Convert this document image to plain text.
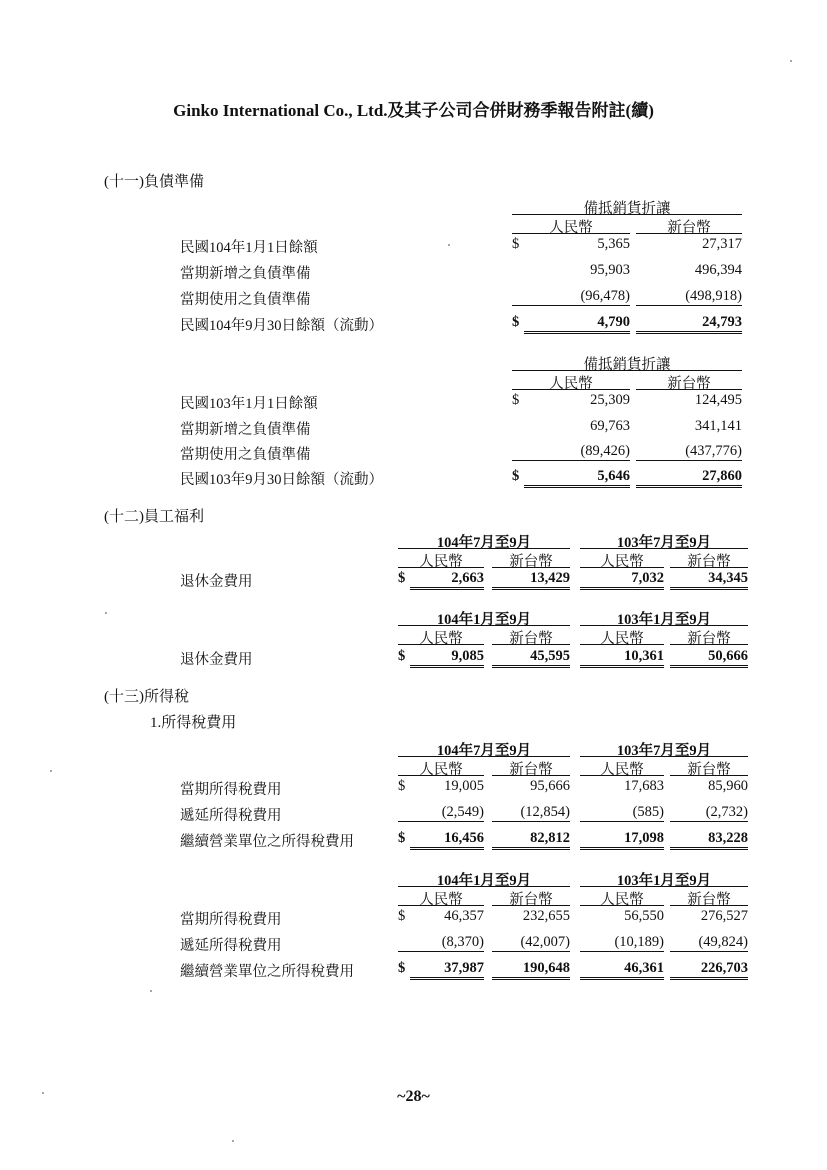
Ginko International Co., Ltd.及其子公司合併財務季報告附註(續)
(十一)負債準備
備抵銷貨折讓
人民幣	新台幣
民國104年1月1日餘額	$	5,365	27,317
當期新增之負債準備	95,903	496,394
當期使用之負債準備	(96,478)	(498,918)
民國104年9月30日餘額（流動）	$	4,790	24,793
備抵銷貨折讓
人民幣	新台幣
民國103年1月1日餘額	$	25,309	124,495
當期新增之負債準備	69,763	341,141
當期使用之負債準備	(89,426)	(437,776)
民國103年9月30日餘額（流動）	$	5,646	27,860
(十二)員工福利
104年7月至9月	103年7月至9月
人民幣	新台幣	人民幣	新台幣
退休金費用	$	2,663	13,429	7,032	34,345
104年1月至9月	103年1月至9月
人民幣	新台幣	人民幣	新台幣
退休金費用	$	9,085	45,595	10,361	50,666
(十三)所得稅
1.所得稅費用
104年7月至9月	103年7月至9月
人民幣	新台幣	人民幣	新台幣
當期所得稅費用	$	19,005	95,666	17,683	85,960
遞延所得稅費用	(2,549)	(12,854)	(585)	(2,732)
繼續營業單位之所得稅費用	$	16,456	82,812	17,098	83,228
104年1月至9月	103年1月至9月
人民幣	新台幣	人民幣	新台幣
當期所得稅費用	$	46,357	232,655	56,550	276,527
遞延所得稅費用	(8,370)	(42,007)	(10,189)	(49,824)
繼續營業單位之所得稅費用	$	37,987	190,648	46,361	226,703
~28~
